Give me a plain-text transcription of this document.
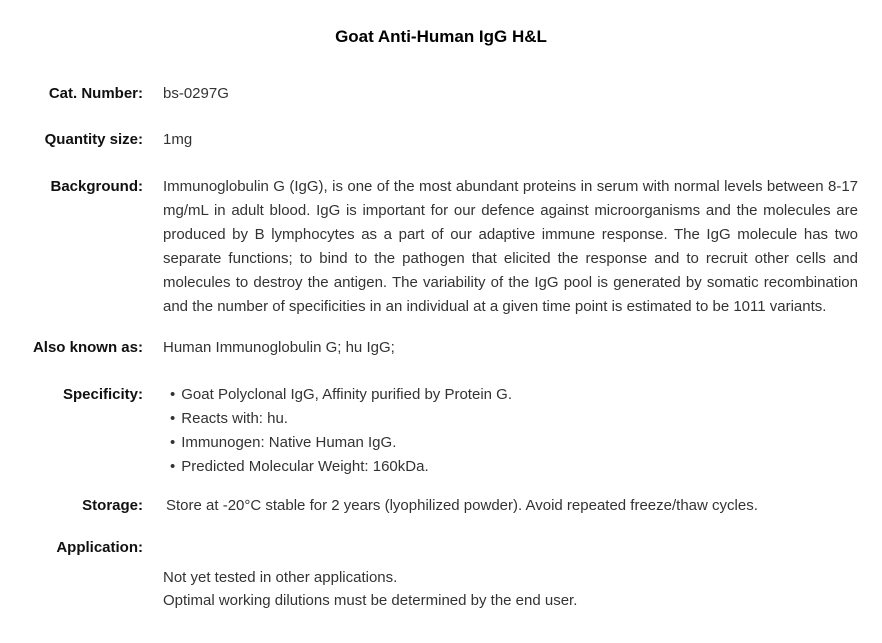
Goat Anti-Human IgG H&L
Cat. Number: bs-0297G
Quantity size: 1mg
Background: Immunoglobulin G (IgG), is one of the most abundant proteins in serum with normal levels between 8-17 mg/mL in adult blood. IgG is important for our defence against microorganisms and the molecules are produced by B lymphocytes as a part of our adaptive immune response. The IgG molecule has two separate functions; to bind to the pathogen that elicited the response and to recruit other cells and molecules to destroy the antigen. The variability of the IgG pool is generated by somatic recombination and the number of specificities in an individual at a given time point is estimated to be 1011 variants.
Also known as: Human Immunoglobulin G; hu IgG;
Specificity: • Goat Polyclonal IgG, Affinity purified by Protein G.
• Reacts with: hu.
• Immunogen: Native Human IgG.
• Predicted Molecular Weight: 160kDa.
Storage: Store at -20°C stable for 2 years (lyophilized powder). Avoid repeated freeze/thaw cycles.
Application:
Not yet tested in other applications.
Optimal working dilutions must be determined by the end user.
